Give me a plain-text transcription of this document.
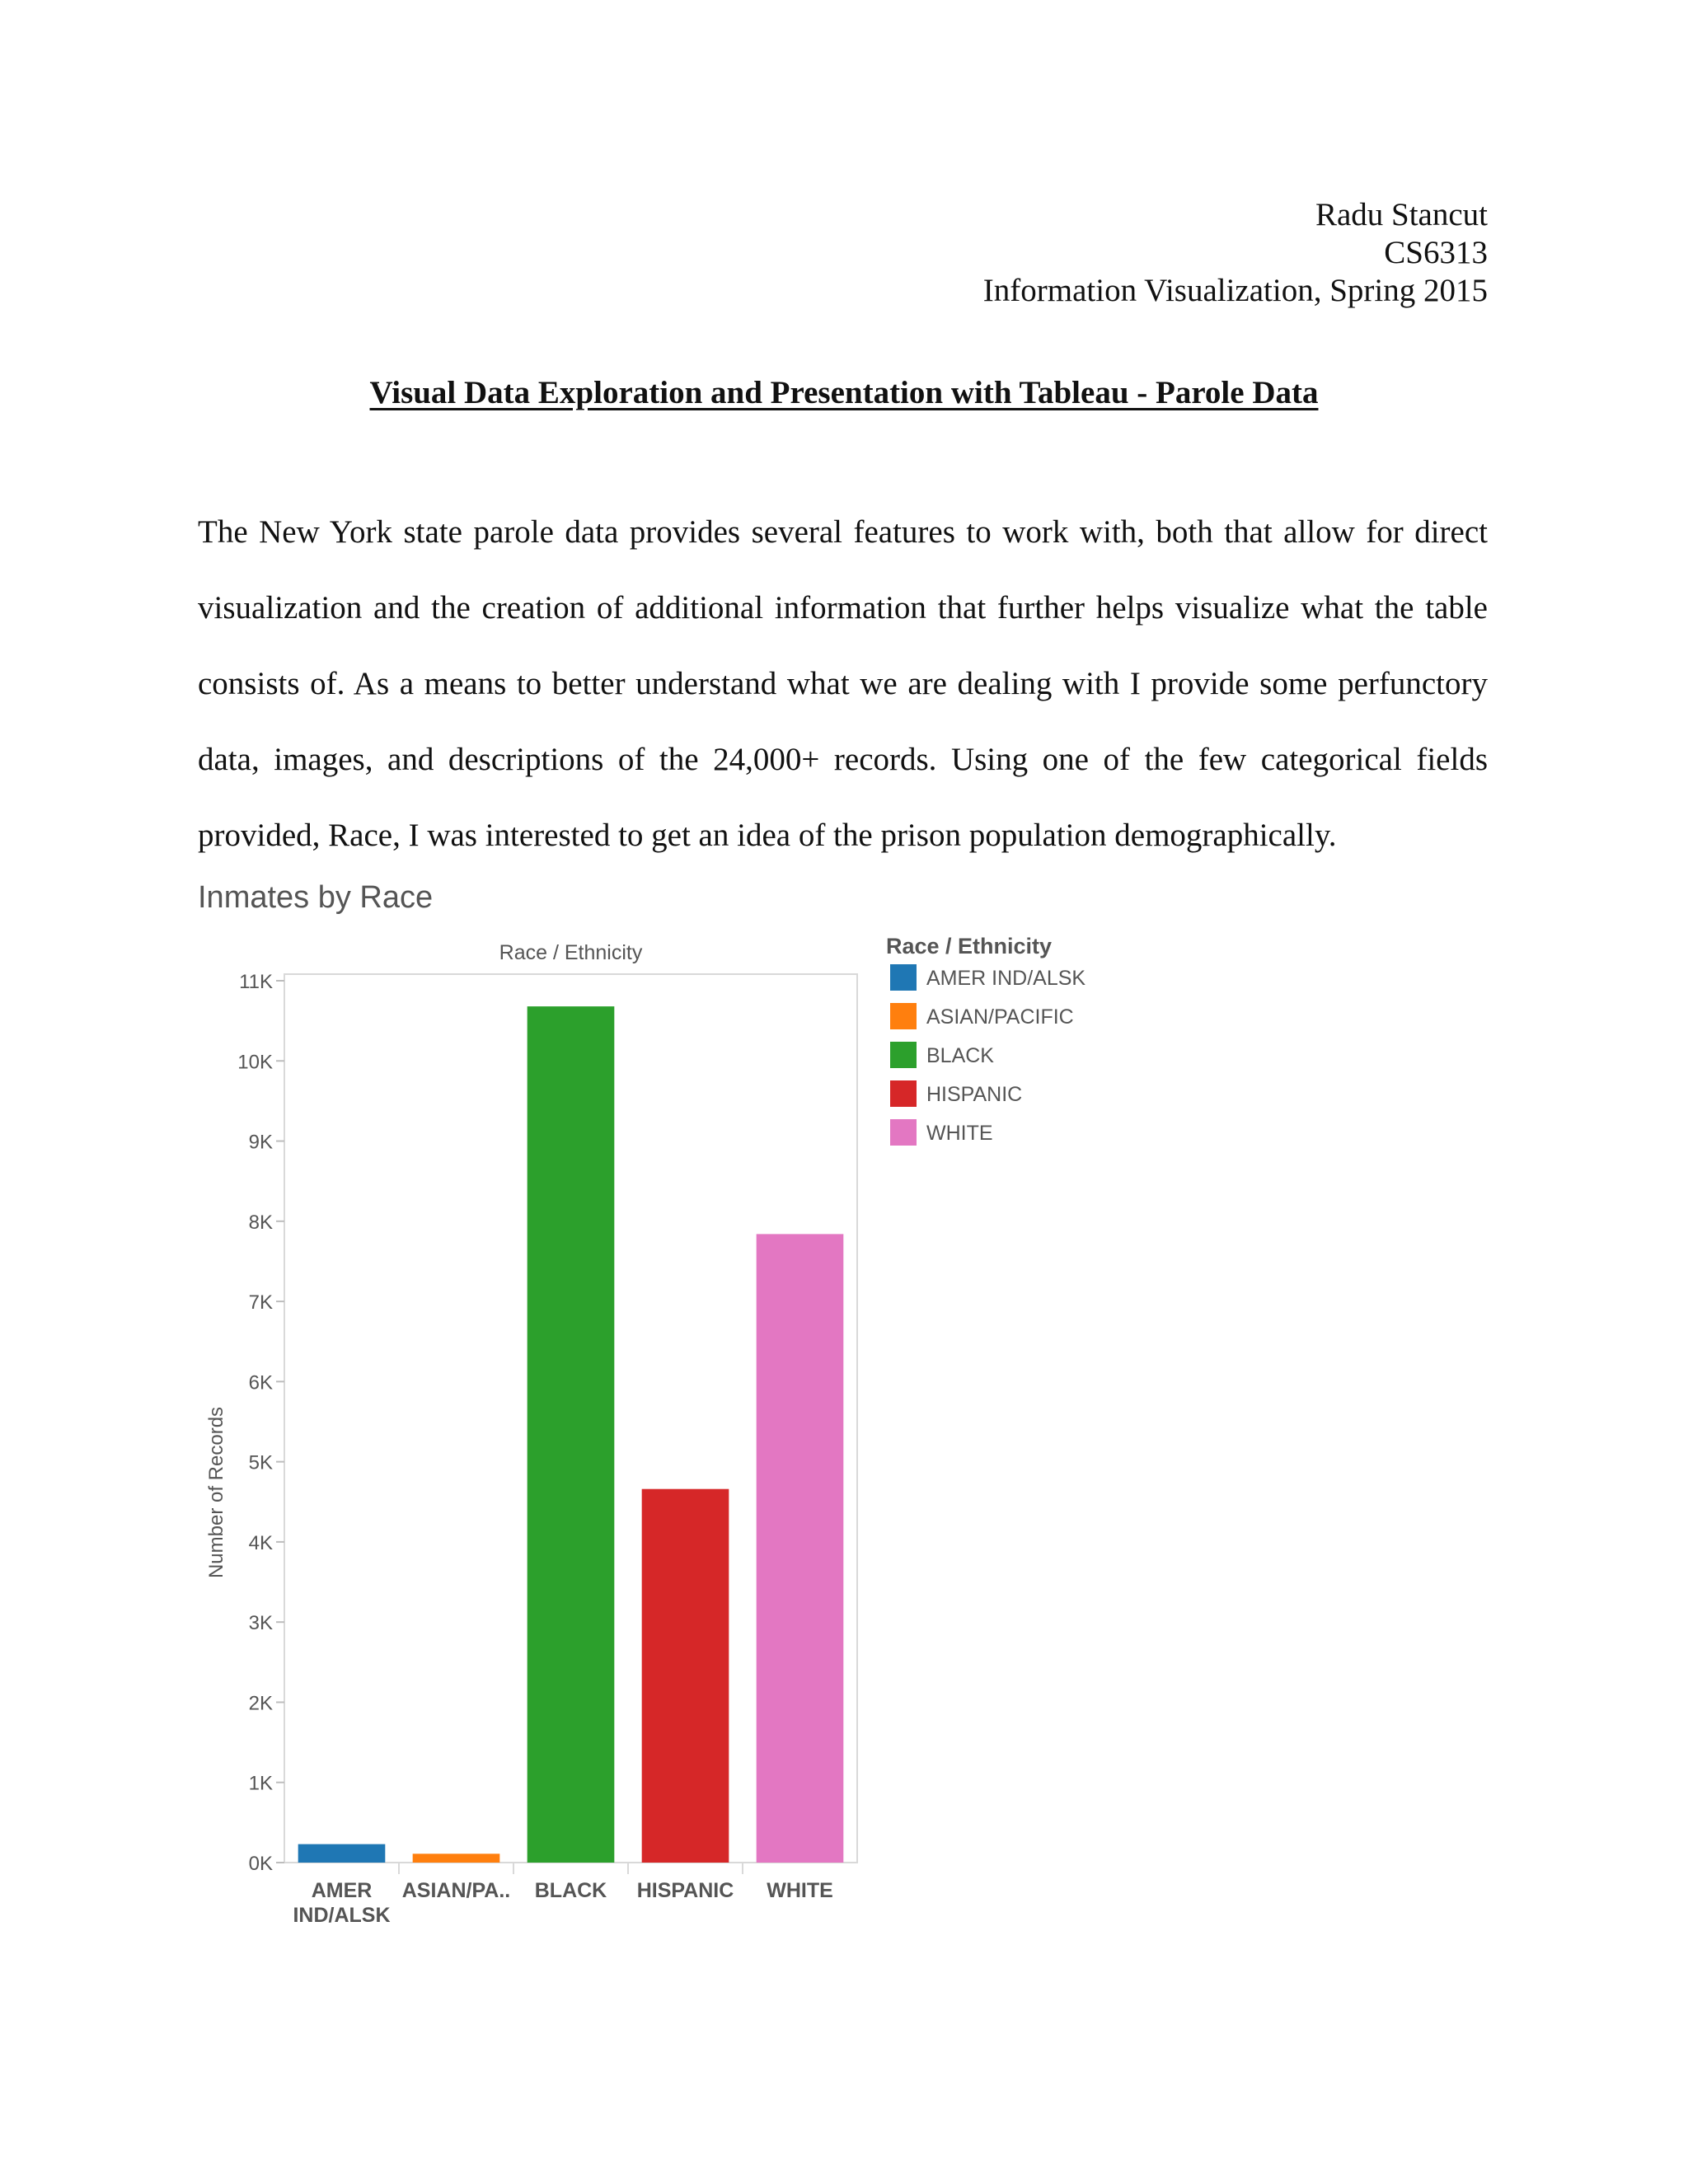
Radu Stancut
CS6313
Information Visualization, Spring 2015
Visual Data Exploration and Presentation with Tableau - Parole Data

The New York state parole data provides several features to work with, both that allow for direct visualization and the creation of additional information that further helps visualize what the table consists of. As a means to better understand what we are dealing with I provide some perfunctory data, images, and descriptions of the 24,000+ records. Using one of the few categorical fields provided, Race, I was interested to get an idea of the prison population demographically.

Inmates by Race
0K
1K
2K
3K
4K
5K
6K
7K
8K
9K
10K
11K
AMER
IND/ALSK
ASIAN/PA.. BLACK HISPANIC WHITE
Race / Ethnicity
Number of Records
Race / Ethnicity
AMER IND/ALSK
ASIAN/PACIFIC
BLACK
HISPANIC
WHITE
